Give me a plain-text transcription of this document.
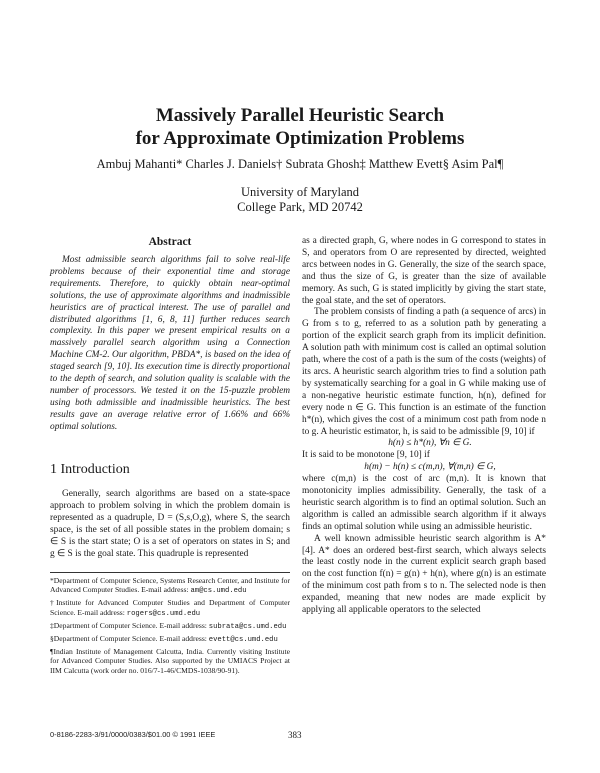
Massively Parallel Heuristic Search
for Approximate Optimization Problems
Ambuj Mahanti* Charles J. Daniels† Subrata Ghosh‡ Matthew Evett§ Asim Pal¶
University of Maryland
College Park, MD 20742
Abstract

Most admissible search algorithms fail to solve real-life problems because of their exponential time and storage requirements. Therefore, to quickly obtain near-optimal solutions, the use of approximate algorithms and inadmissible heuristics are of practical interest. The use of parallel and distributed algorithms [1, 6, 8, 11] further reduces search complexity. In this paper we present empirical results on a massively parallel search algorithm using a Connection Machine CM-2. Our algorithm, PBDA*, is based on the idea of staged search [9, 10]. Its execution time is directly proportional to the depth of search, and solution quality is scalable with the number of processors. We tested it on the 15-puzzle problem using both admissible and inadmissible heuristics. The best results gave an average relative error of 1.66% and 66% optimal solutions.

1 Introduction

Generally, search algorithms are based on a state-space approach to problem solving in which the problem domain is represented as a quadruple, D = (S,s,O,g), where S, the search space, is the set of all possible states in the problem domain; s ∈ S is the start state; O is a set of operators on states in S; and g ∈ S is the goal state. This quadruple is represented

*Department of Computer Science, Systems Research Center, and Institute for Advanced Computer Studies. E-mail address: am@cs.umd.edu
†Institute for Advanced Computer Studies and Department of Computer Science. E-mail address: rogers@cs.umd.edu
‡Department of Computer Science. E-mail address: subrata@cs.umd.edu
§Department of Computer Science. E-mail address: evett@cs.umd.edu
¶Indian Institute of Management Calcutta, India. Currently visiting Institute for Advanced Computer Studies. Also supported by the UMIACS Project at IIM Calcutta (work order no. 016/7-1-46/CMDS-1038/90-91).

as a directed graph, G, where nodes in G correspond to states in S, and operators from O are represented by directed, weighted arcs between nodes in G. Generally, the size of the search space, and thus the size of G, is greater than the size of available memory. As such, G is stated implicitly by giving the start state, the goal state, and the set of operators.

The problem consists of finding a path (a sequence of arcs) in G from s to g, referred to as a solution path by generating a portion of the explicit search graph from its implicit definition. A solution path with minimum cost is called an optimal solution path, where the cost of a path is the sum of the costs (weights) of its arcs. A heuristic search algorithm tries to find a solution path by systematically searching for a goal in G while making use of a non-negative heuristic estimate function, h(n), defined for every node n ∈ G. This function is an estimate of the function h*(n), which gives the cost of a minimum cost path from node n to g. A heuristic estimator, h, is said to be admissible [9, 10] if

h(n) ≤ h*(n), ∀n ∈ G.

It is said to be monotone [9, 10] if

h(m) − h(n) ≤ c(m,n), ∀(m,n) ∈ G,

where c(m,n) is the cost of arc (m,n). It is known that monotonicity implies admissibility. Generally, the task of a heuristic search algorithm is to find an optimal solution. Such an algorithm is called an admissible search algorithm if it always finds an optimal solution while using an admissible heuristic.

A well known admissible heuristic search algorithm is A* [4]. A* does an ordered best-first search, which always selects the least costly node in the current explicit search graph based on the cost function f(n) = g(n) + h(n), where g(n) is an estimate of the minimum cost path from s to n. The selected node is then expanded, meaning that new nodes are made explicit by applying all applicable operators to the selected

0-8186-2283-3/91/0000/0383/$01.00 © 1991 IEEE	383
